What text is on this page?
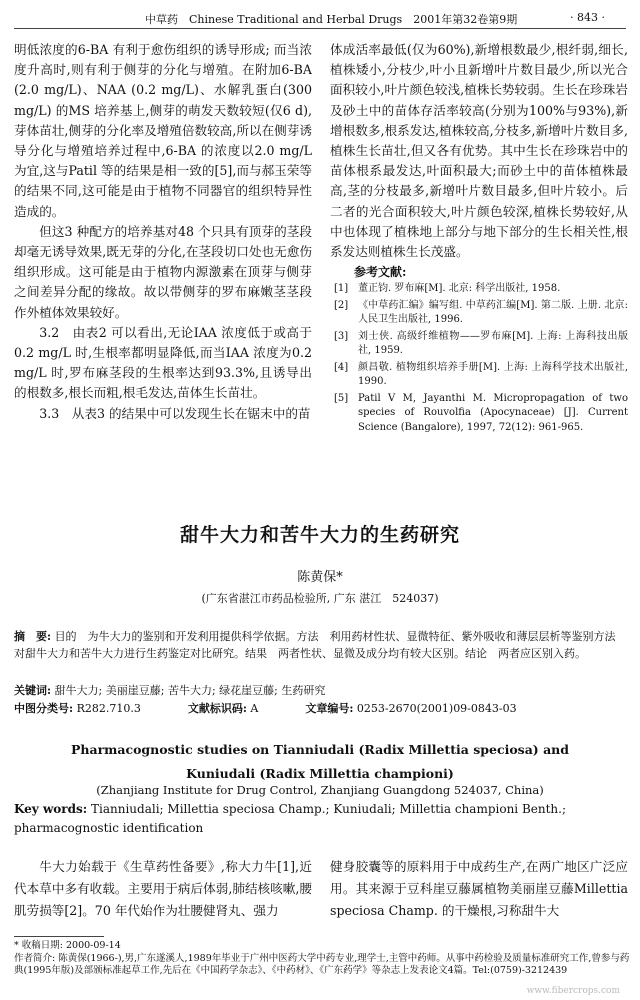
中草药　Chinese Traditional and Herbal Drugs　2001年第32卷第9期	· 843 ·

明低浓度的6-BA 有利于愈伤组织的诱导形成; 而当浓度升高时,则有利于侧芽的分化与增殖。在附加6-BA (2.0 mg/L)、NAA (0.2 mg/L)、水解乳蛋白(300 mg/L) 的MS 培养基上,侧芽的萌发天数较短(仅6 d), 芽体苗壮,侧芽的分化率及增殖倍数较高,所以在侧芽诱导分化与增殖培养过程中,6-BA 的浓度以2.0 mg/L 为宜,这与Patil 等的结果是相一致的[5],而与郝玉荣等的结果不同,这可能是由于植物不同器官的组织特异性造成的。

但这3 种配方的培养基对48 个只具有顶芽的茎段却毫无诱导效果,既无芽的分化,在茎段切口处也无愈伤组织形成。这可能是由于植物内源激素在顶芽与侧芽之间差异分配的缘故。故以带侧芽的罗布麻嫩茎茎段作外植体效果较好。

3.2　由表2 可以看出,无论IAA 浓度低于或高于0.2 mg/L 时,生根率都明显降低,而当IAA 浓度为0.2 mg/L 时,罗布麻茎段的生根率达到93.3%,且诱导出的根数多,根长而粗,根毛发达,苗体生长苗壮。

3.3　从表3 的结果中可以发现生长在锯末中的苗

体成活率最低(仅为60%),新增根数最少,根纤弱,细长,植株矮小,分枝少,叶小且新增叶片数目最少,所以光合面积较小,叶片颜色较浅,植株长势较弱。生长在珍珠岩及砂土中的苗体存活率较高(分别为100%与93%),新增根数多,根系发达,植株较高,分枝多,新增叶片数目多,植株生长苗壮,但又各有优势。其中生长在珍珠岩中的苗体根系最发达,叶面积最大;而砂土中的苗体植株最高,茎的分枝最多,新增叶片数目最多,但叶片较小。后二者的光合面积较大,叶片颜色较深,植株长势较好,从中也体现了植株地上部分与地下部分的生长相关性,根系发达则植株生长茂盛。

参考文献:

[1] 董正钧. 罗布麻[M]. 北京: 科学出版社, 1958.
[2] 《中草药汇编》编写组. 中草药汇编[M]. 第二版. 上册. 北京: 人民卫生出版社, 1996.
[3] 刘士侠. 高级纤维植物——罗布麻[M]. 上海: 上海科技出版社, 1959.
[4] 颜昌敬. 植物组织培养手册[M]. 上海: 上海科学技术出版社, 1990.
[5] Patil V M, Jayanthi M. Micropropagation of two species of Rouvolfia (Apocynaceae) [J]. Current Science (Bangalore), 1997, 72(12): 961-965.
甜牛大力和苦牛大力的生药研究
陈黄保*
(广东省湛江市药品检验所, 广东 湛江　524037)
摘　要: 目的　为牛大力的鉴别和开发利用提供科学依据。方法　利用药材性状、显微特征、紫外吸收和薄层层析等鉴别方法对甜牛大力和苦牛大力进行生药鉴定对比研究。结果　两者性状、显微及成分均有较大区别。结论　两者应区别入药。
关键词: 甜牛大力; 美丽崖豆藤; 苦牛大力; 绿花崖豆藤; 生药研究
中图分类号: R282.710.3	文献标识码: A	文章编号: 0253-2670(2001)09-0843-03
Pharmacognostic studies on Tianniudali (Radix Millettia speciosa) and
Kuniudali (Radix Millettia championi)
(Zhanjiang Institute for Drug Control, Zhanjiang Guangdong 524037, China)
Key words: Tianniudali; Millettia speciosa Champ.; Kuniudali; Millettia championi Benth.; pharmacognostic identification

牛大力始载于《生草药性备要》,称大力牛[1],近代本草中多有收载。主要用于病后体弱,肺结核咳嗽,腰肌劳损等[2]。70 年代始作为壮腰健肾丸、强力

健身胶囊等的原料用于中成药生产,在两广地区广泛应用。其来源于豆科崖豆藤属植物美丽崖豆藤Millettia speciosa Champ. 的干燥根,习称甜牛大

* 收稿日期: 2000-09-14
作者简介: 陈黄保(1966-),男,广东遂溪人,1989年毕业于广州中医药大学中药专业,理学士,主管中药师。从事中药检验及质量标准研究工作,曾参与药典(1995年版)及部颁标准起草工作,先后在《中国药学杂志》、《中药材》、《广东药学》等杂志上发表论文4篇。Tel:(0759)-3212439
www.fibercrops.com
